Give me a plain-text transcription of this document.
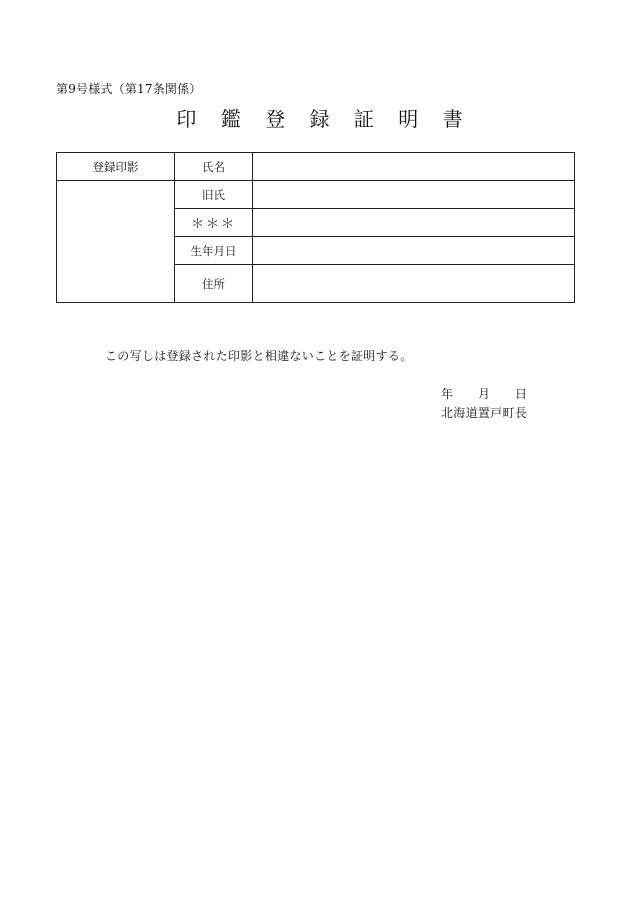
第9号様式（第17条関係）
印 鑑 登 録 証 明 書
登録印影	氏名	
	旧氏	
	＊＊＊	
	生年月日	
	住所	
この写しは登録された印影と相違ないことを証明する。
年 月 日
北海道置戸町長
